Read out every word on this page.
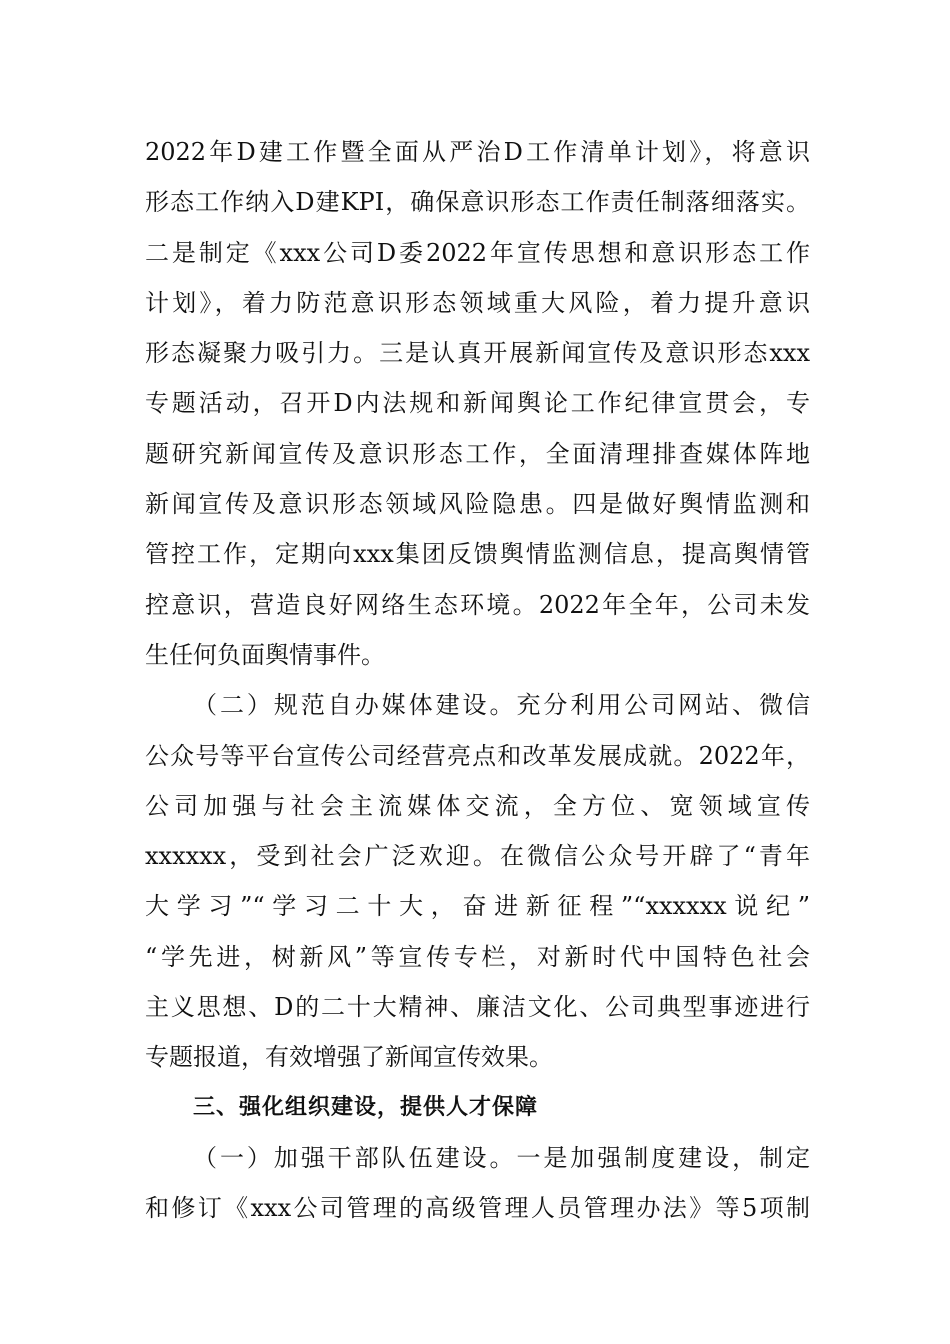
2022年D建工作暨全面从严治D工作清单计划》，将意识
形态工作纳入D建KPI，确保意识形态工作责任制落细落实。
二是制定《xxx公司D委2022年宣传思想和意识形态工作
计划》，着力防范意识形态领域重大风险，着力提升意识
形态凝聚力吸引力。三是认真开展新闻宣传及意识形态xxx
专题活动，召开D内法规和新闻舆论工作纪律宣贯会，专
题研究新闻宣传及意识形态工作，全面清理排查媒体阵地
新闻宣传及意识形态领域风险隐患。四是做好舆情监测和
管控工作，定期向xxx集团反馈舆情监测信息，提高舆情管
控意识，营造良好网络生态环境。2022年全年，公司未发
生任何负面舆情事件。
（二）规范自办媒体建设。充分利用公司网站、微信
公众号等平台宣传公司经营亮点和改革发展成就。2022年，
公司加强与社会主流媒体交流，全方位、宽领域宣传
xxxxxx，受到社会广泛欢迎。在微信公众号开辟了“青年
大学习”“学习二十大，奋进新征程”“xxxxxx说纪”
“学先进，树新风”等宣传专栏，对新时代中国特色社会
主义思想、D的二十大精神、廉洁文化、公司典型事迹进行
专题报道，有效增强了新闻宣传效果。
三、强化组织建设，提供人才保障
（一）加强干部队伍建设。一是加强制度建设，制定
和修订《xxx公司管理的高级管理人员管理办法》等5项制
